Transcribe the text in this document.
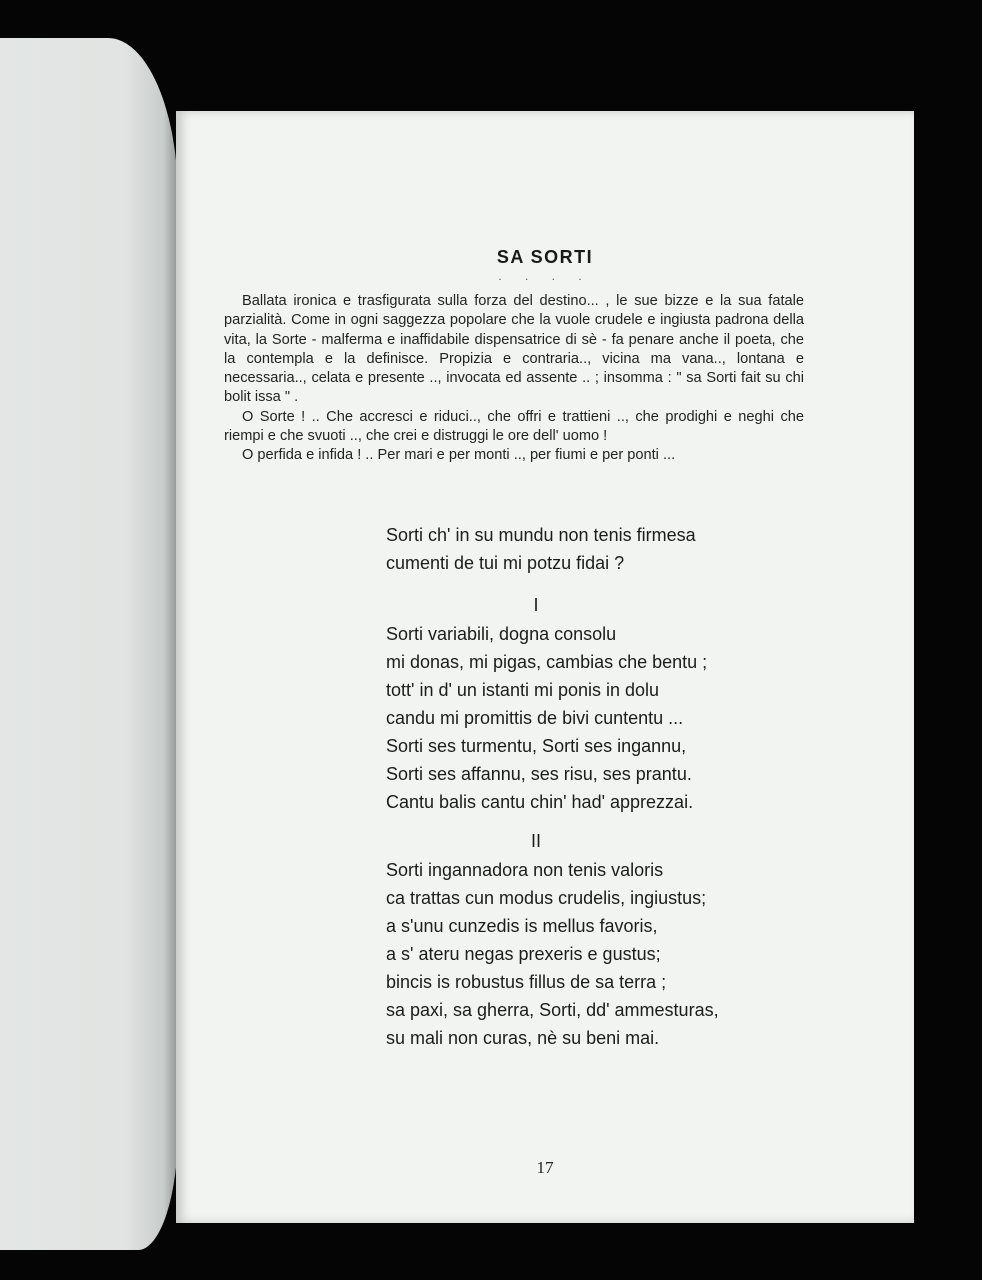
SA SORTI
. . . .

Ballata ironica e trasfigurata sulla forza del destino... , le sue bizze e la sua fatale parzialità. Come in ogni saggezza popolare che la vuole crudele e ingiusta padrona della vita, la Sorte - malferma e inaffidabile dispensatrice di sè - fa penare anche il poeta, che la contempla e la definisce. Propizia e contraria.., vicina ma vana.., lontana e necessaria.., celata e presente .., invocata ed assente .. ; insomma : " sa Sorti fait su chi bolit issa " .

O Sorte ! .. Che accresci e riduci.., che offri e trattieni .., che prodighi e neghi che riempi e che svuoti .., che crei e distruggi le ore dell' uomo !

O perfida e infida ! .. Per mari e per monti .., per fiumi e per ponti ...

Sorti ch' in su mundu non tenis firmesa
cumenti de tui mi potzu fidai ?
I
Sorti variabili, dogna consolu
mi donas, mi pigas, cambias che bentu ;
tott' in d' un istanti mi ponis in dolu
candu mi promittis de bivi cuntentu ...
Sorti ses turmentu, Sorti ses ingannu,
Sorti ses affannu, ses risu, ses prantu.
Cantu balis cantu chin' had' apprezzai.
II
Sorti ingannadora non tenis valoris
ca trattas cun modus crudelis, ingiustus;
a s'unu cunzedis is mellus favoris,
a s' ateru negas prexeris e gustus;
bincis is robustus fillus de sa terra ;
sa paxi, sa gherra, Sorti, dd' ammesturas,
su mali non curas, nè su beni mai.
17
